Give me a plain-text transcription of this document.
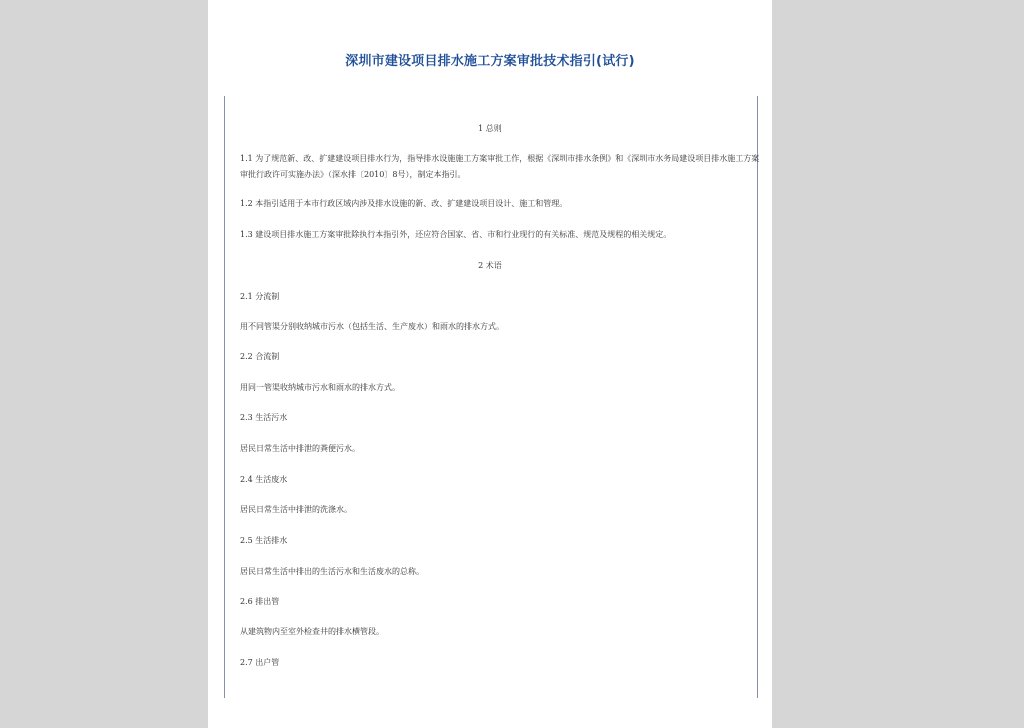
深圳市建设项目排水施工方案审批技术指引(试行)
1 总则
1.1 为了规范新、改、扩建建设项目排水行为，指导排水设施施工方案审批工作，根据《深圳市排水条例》和《深圳市水务局建设项目排水施工方案审批行政许可实施办法》（深水排〔2010〕8号），制定本指引。
1.2 本指引适用于本市行政区域内涉及排水设施的新、改、扩建建设项目设计、施工和管理。
1.3 建设项目排水施工方案审批除执行本指引外，还应符合国家、省、市和行业现行的有关标准、规范及规程的相关规定。
2 术语
2.1 分流制
用不同管渠分别收纳城市污水（包括生活、生产废水）和雨水的排水方式。
2.2 合流制
用同一管渠收纳城市污水和雨水的排水方式。
2.3 生活污水
居民日常生活中排泄的粪便污水。
2.4 生活废水
居民日常生活中排泄的洗涤水。
2.5 生活排水
居民日常生活中排出的生活污水和生活废水的总称。
2.6 排出管
从建筑物内至室外检查井的排水横管段。
2.7 出户管
